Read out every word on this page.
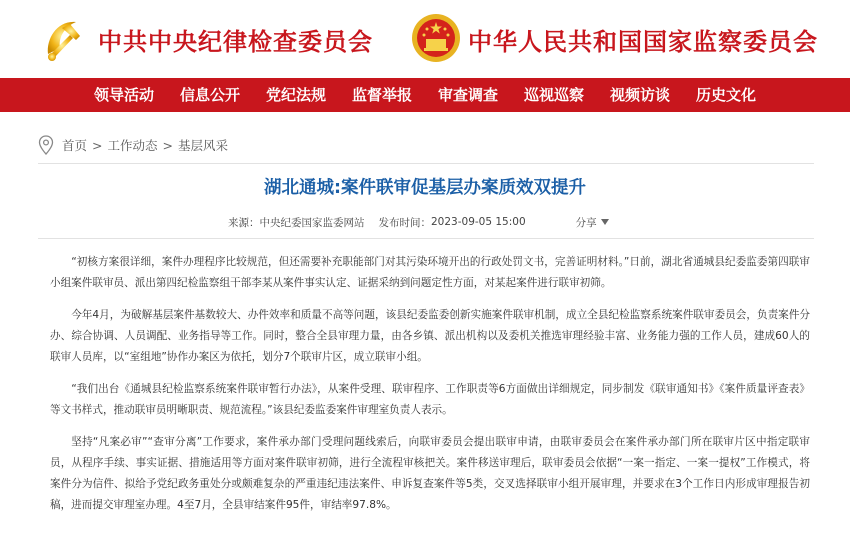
中共中央纪律检查委员会	中华人民共和国国家监察委员会
领导活动	信息公开	党纪法规	监督举报	审查调查	巡视巡察	视频访谈	历史文化
首页 > 工作动态 > 基层风采
湖北通城:案件联审促基层办案质效双提升
来源： 中央纪委国家监委网站 发布时间： 2023-09-05 15:00	分享

“初核方案很详细，案件办理程序比较规范，但还需要补充职能部门对其污染环境开出的行政处罚文书，完善证明材料。”日前，湖北省通城县纪委监委第四联审小组案件联审员、派出第四纪检监察组干部李某从案件事实认定、证据采纳到问题定性方面，对某起案件进行联审初筛。

今年4月，为破解基层案件基数较大、办件效率和质量不高等问题，该县纪委监委创新实施案件联审机制，成立全县纪检监察系统案件联审委员会，负责案件分办、综合协调、人员调配、业务指导等工作。同时，整合全县审理力量，由各乡镇、派出机构以及委机关推选审理经验丰富、业务能力强的工作人员，建成60人的联审人员库，以“室组地”协作办案区为依托，划分7个联审片区，成立联审小组。

“我们出台《通城县纪检监察系统案件联审暂行办法》，从案件受理、联审程序、工作职责等6方面做出详细规定，同步制发《联审通知书》《案件质量评查表》等文书样式，推动联审员明晰职责、规范流程。”该县纪委监委案件审理室负责人表示。

坚持“凡案必审”“查审分离”工作要求，案件承办部门受理问题线索后，向联审委员会提出联审申请，由联审委员会在案件承办部门所在联审片区中指定联审员，从程序手续、事实证据、措施适用等方面对案件联审初筛，进行全流程审核把关。案件移送审理后，联审委员会依据“一案一指定、一案一提权”工作模式，将案件分为信件、拟给予党纪政务重处分或颇难复杂的严重违纪违法案件、申诉复查案件等5类，交叉选择联审小组开展审理，并要求在3个工作日内形成审理报告初稿，进而提交审理室办理。4至7月，全县审结案件95件，审结率97.8%。
